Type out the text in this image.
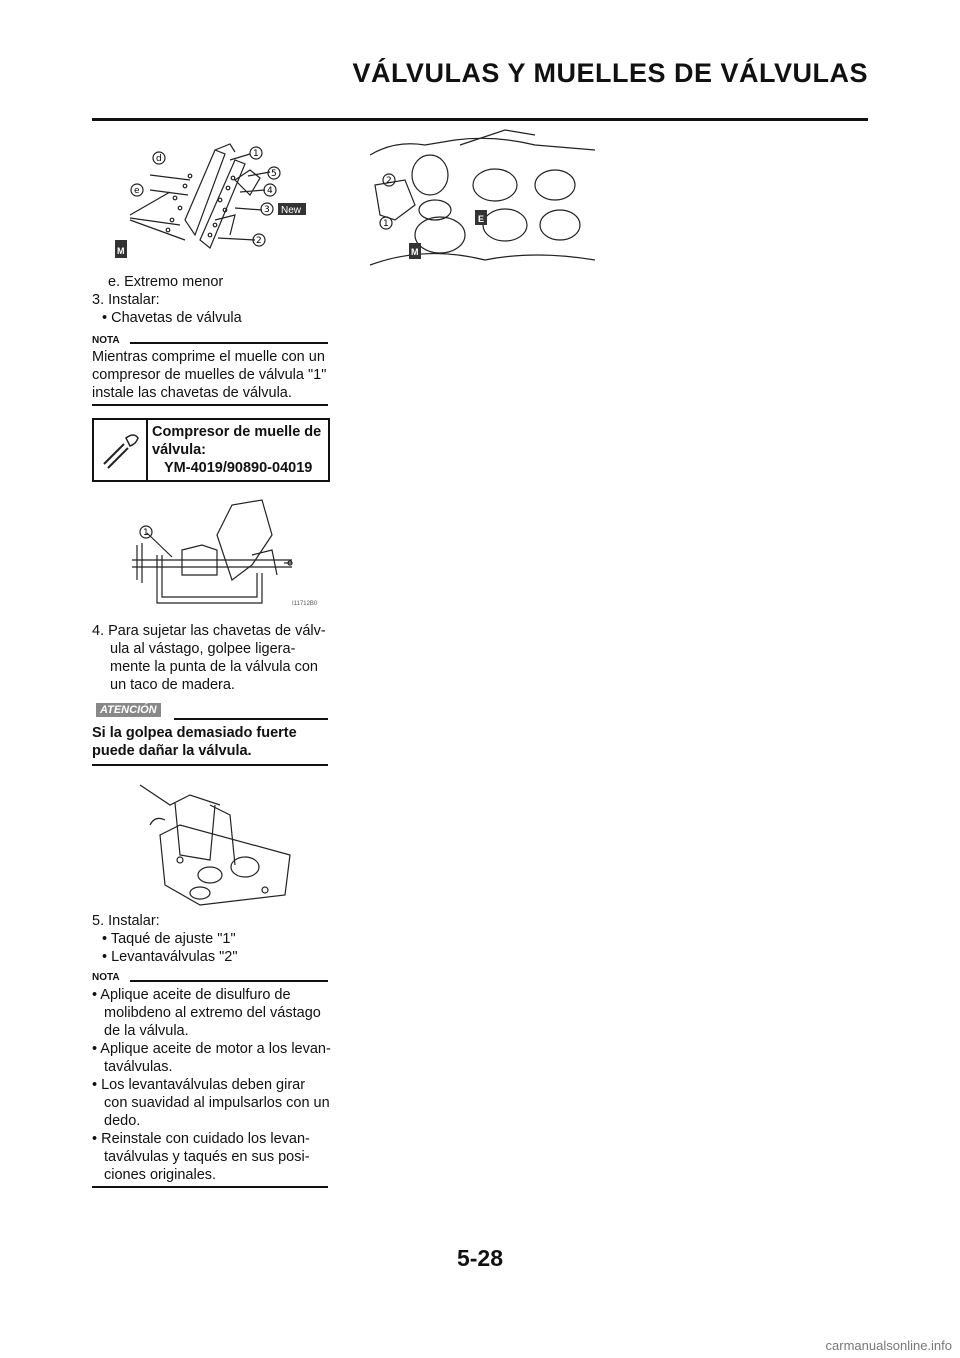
VÁLVULAS Y MUELLES DE VÁLVULAS
d
e
1
5
4
3 New
2
M
2
1	E
M
e. Extremo menor
3. Instalar:
• Chavetas de válvula
NOTA
Mientras comprime el muelle con un
compresor de muelles de válvula "1"
instale las chavetas de válvula.
Compresor de muelle de
válvula:
YM-4019/90890-04019
1
I11712B0
4. Para sujetar las chavetas de válv-
ula al vástago, golpee ligera-
mente la punta de la válvula con
un taco de madera.
ATENCIÓN
Si la golpea demasiado fuerte
puede dañar la válvula.
5. Instalar:
• Taqué de ajuste "1"
• Levantaválvulas "2"
NOTA
• Aplique aceite de disulfuro de
molibdeno al extremo del vástago
de la válvula.
• Aplique aceite de motor a los levan-
taválvulas.
• Los levantaválvulas deben girar
con suavidad al impulsarlos con un
dedo.
• Reinstale con cuidado los levan-
taválvulas y taqués en sus posi-
ciones originales.
5-28
carmanualsonline.info
